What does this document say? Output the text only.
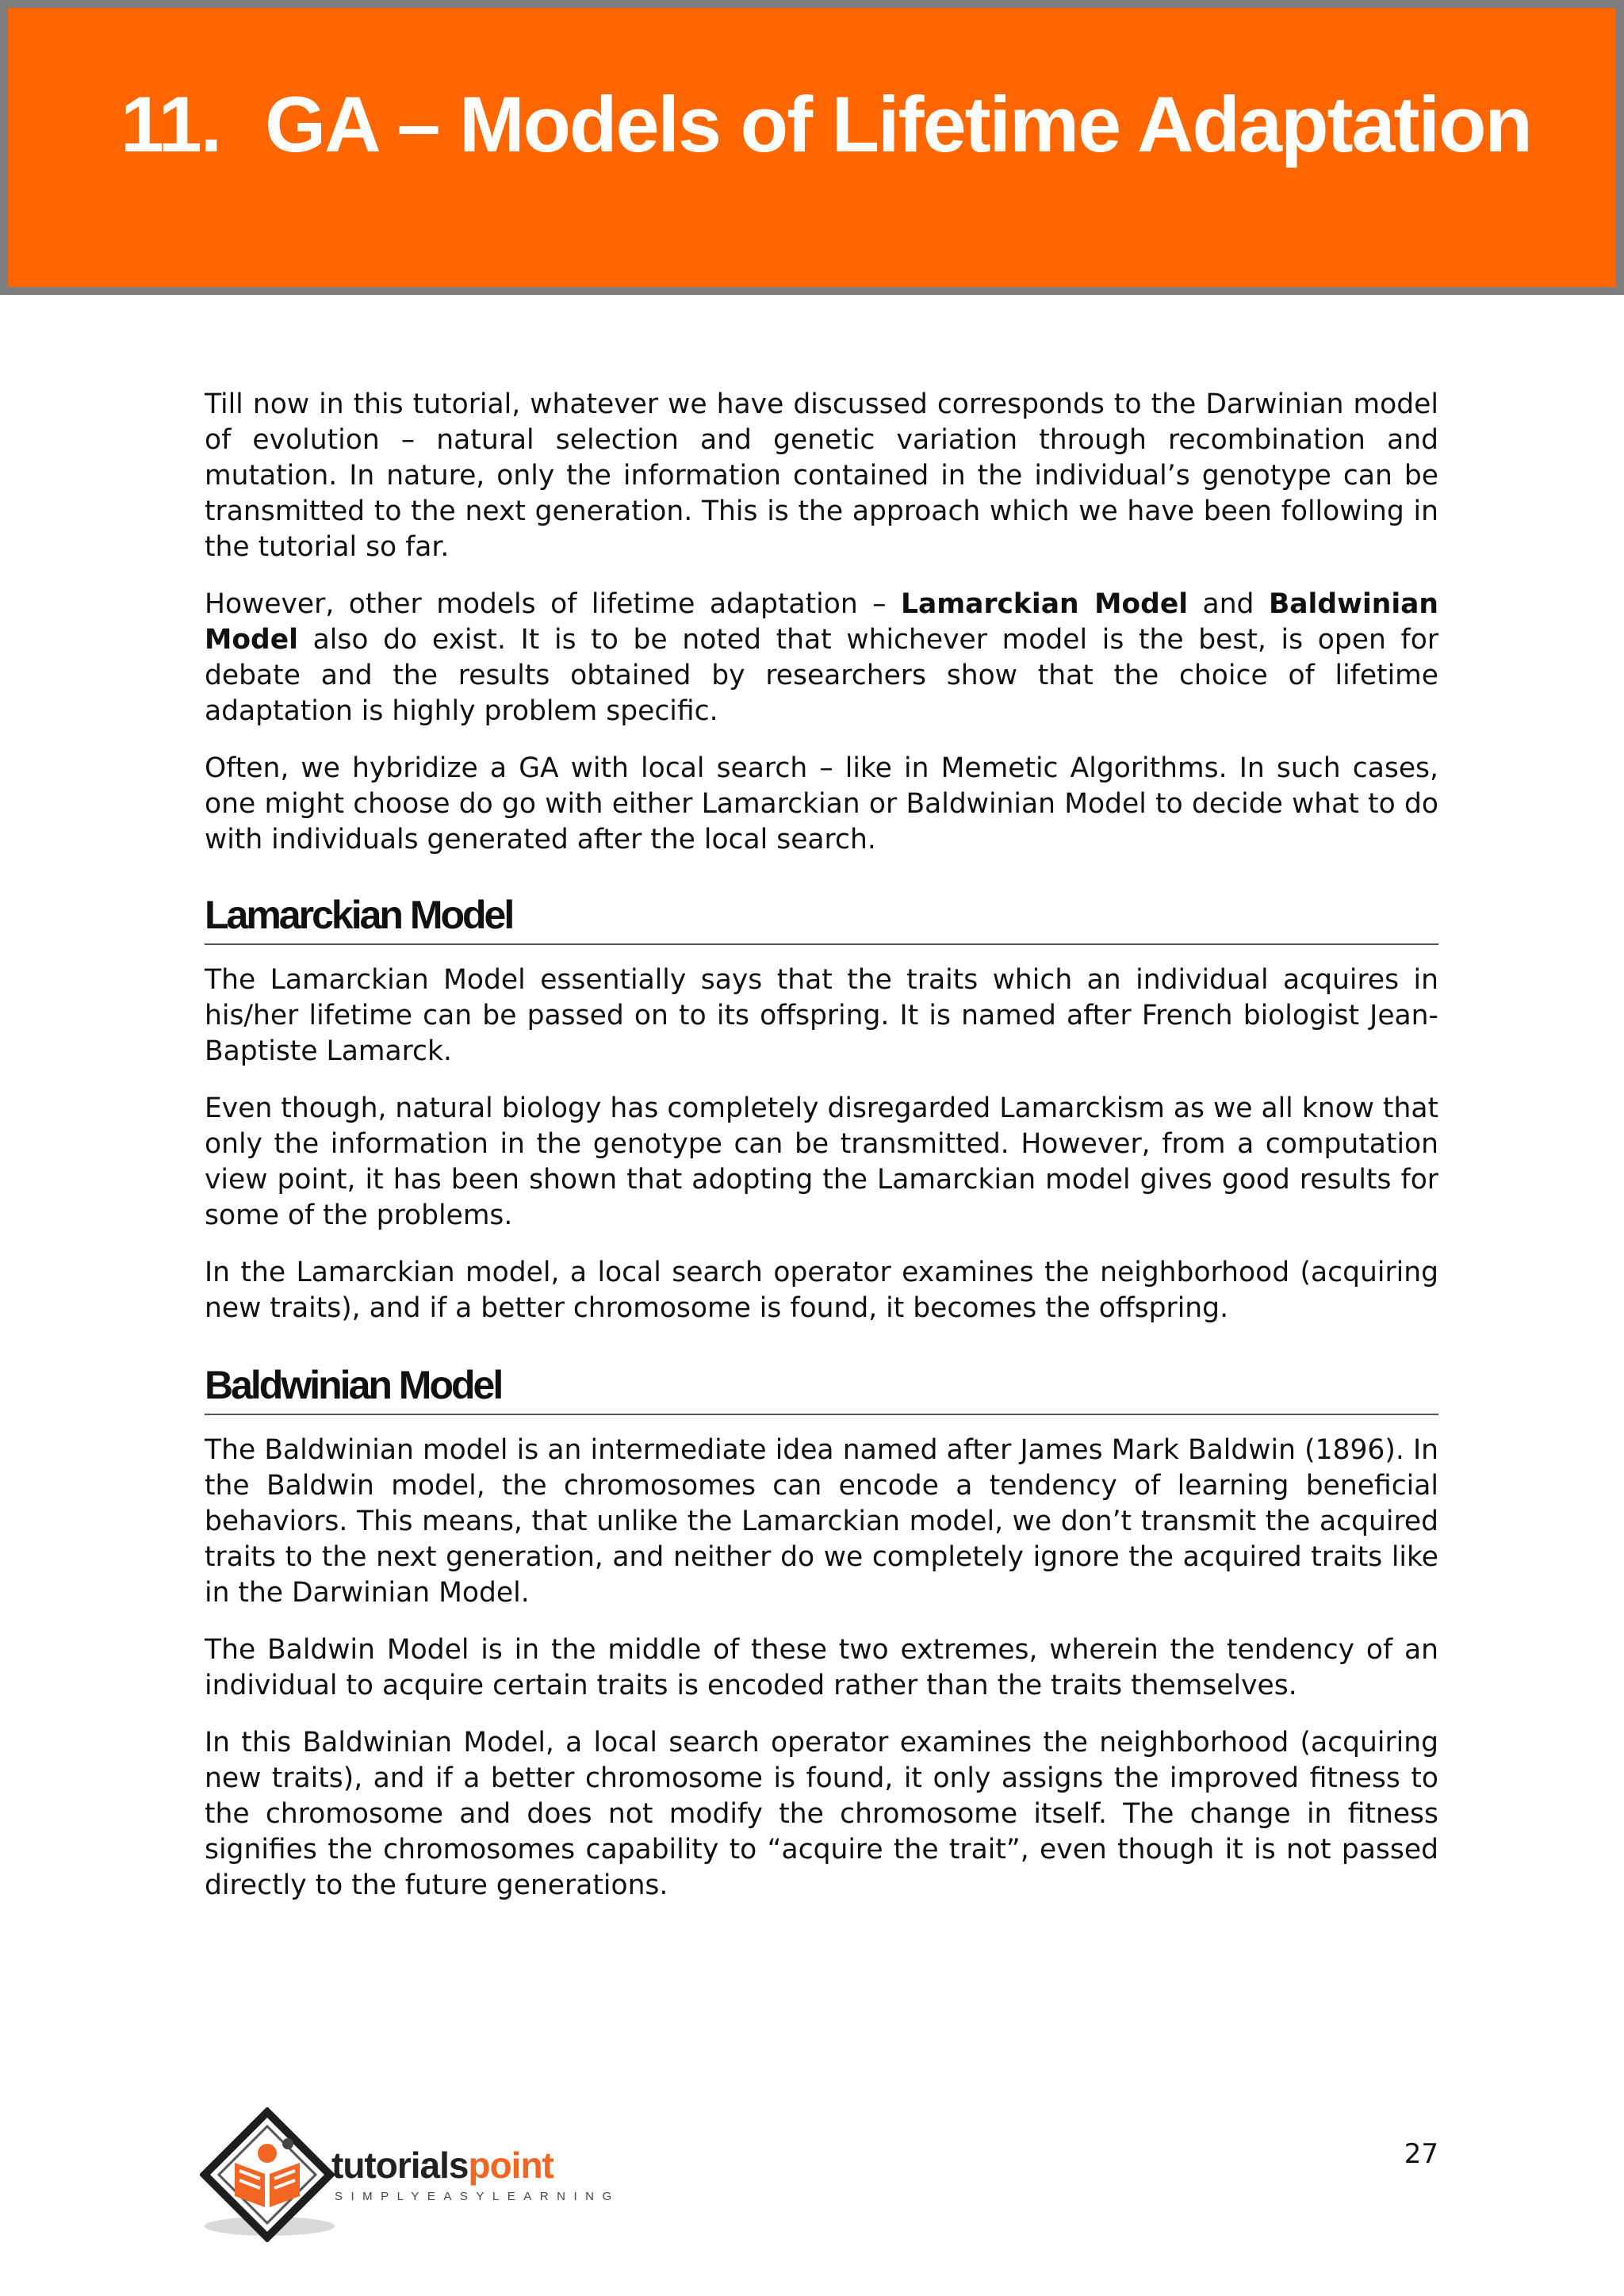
11. GA – Models of Lifetime Adaptation

Till now in this tutorial, whatever we have discussed corresponds to the Darwinian model of evolution – natural selection and genetic variation through recombination and mutation. In nature, only the information contained in the individual’s genotype can be transmitted to the next generation. This is the approach which we have been following in the tutorial so far.

However, other models of lifetime adaptation – Lamarckian Model and Baldwinian Model also do exist. It is to be noted that whichever model is the best, is open for debate and the results obtained by researchers show that the choice of lifetime adaptation is highly problem specific.

Often, we hybridize a GA with local search – like in Memetic Algorithms. In such cases, one might choose do go with either Lamarckian or Baldwinian Model to decide what to do with individuals generated after the local search.

Lamarckian Model

The Lamarckian Model essentially says that the traits which an individual acquires in his/her lifetime can be passed on to its offspring. It is named after French biologist Jean-Baptiste Lamarck.

Even though, natural biology has completely disregarded Lamarckism as we all know that only the information in the genotype can be transmitted. However, from a computation view point, it has been shown that adopting the Lamarckian model gives good results for some of the problems.

In the Lamarckian model, a local search operator examines the neighborhood (acquiring new traits), and if a better chromosome is found, it becomes the offspring.

Baldwinian Model

The Baldwinian model is an intermediate idea named after James Mark Baldwin (1896). In the Baldwin model, the chromosomes can encode a tendency of learning beneficial behaviors. This means, that unlike the Lamarckian model, we don’t transmit the acquired traits to the next generation, and neither do we completely ignore the acquired traits like in the Darwinian Model.

The Baldwin Model is in the middle of these two extremes, wherein the tendency of an individual to acquire certain traits is encoded rather than the traits themselves.

In this Baldwinian Model, a local search operator examines the neighborhood (acquiring new traits), and if a better chromosome is found, it only assigns the improved fitness to the chromosome and does not modify the chromosome itself. The change in fitness signifies the chromosomes capability to “acquire the trait”, even though it is not passed directly to the future generations.

tutorialspoint
SIMPLYEASYLEARNING
27
